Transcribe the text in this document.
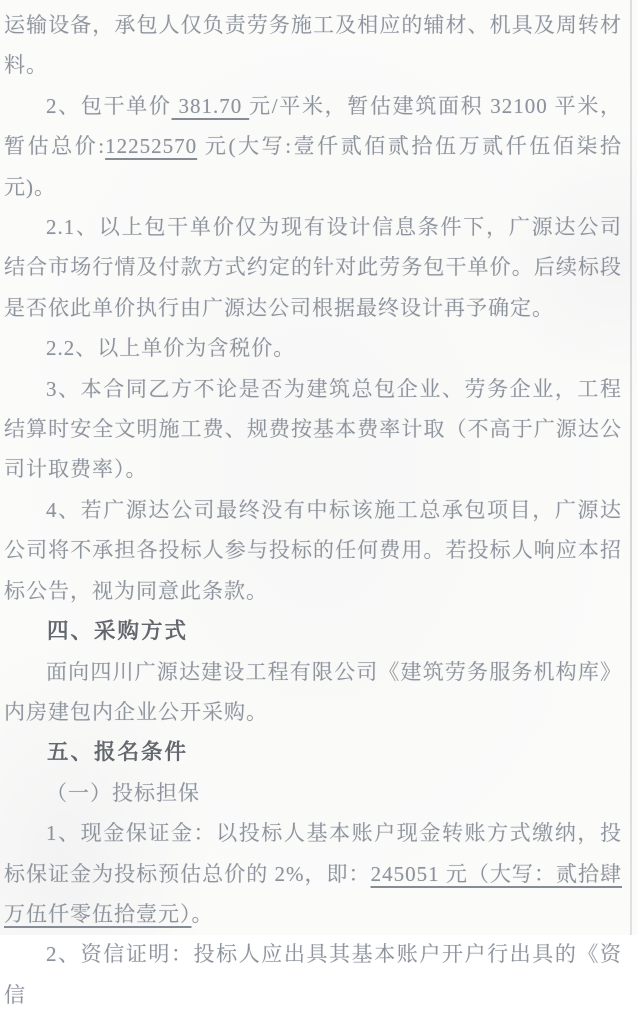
运输设备，承包人仅负责劳务施工及相应的辅材、机具及周转材料。

2、包干单价 381.70 元/平米，暂估建筑面积 32100 平米，暂估总价:12252570 元(大写:壹仟贰佰贰拾伍万贰仟伍佰柒拾元)。

2.1、以上包干单价仅为现有设计信息条件下，广源达公司结合市场行情及付款方式约定的针对此劳务包干单价。后续标段是否依此单价执行由广源达公司根据最终设计再予确定。

2.2、以上单价为含税价。

3、本合同乙方不论是否为建筑总包企业、劳务企业，工程结算时安全文明施工费、规费按基本费率计取（不高于广源达公司计取费率）。

4、若广源达公司最终没有中标该施工总承包项目，广源达公司将不承担各投标人参与投标的任何费用。若投标人响应本招标公告，视为同意此条款。

四、采购方式

面向四川广源达建设工程有限公司《建筑劳务服务机构库》内房建包内企业公开采购。

五、报名条件

（一）投标担保

1、现金保证金：以投标人基本账户现金转账方式缴纳，投标保证金为投标预估总价的 2%，即：245051 元（大写：贰拾肆万伍仟零伍拾壹元）。

2、资信证明：投标人应出具其基本账户开户行出具的《资信
